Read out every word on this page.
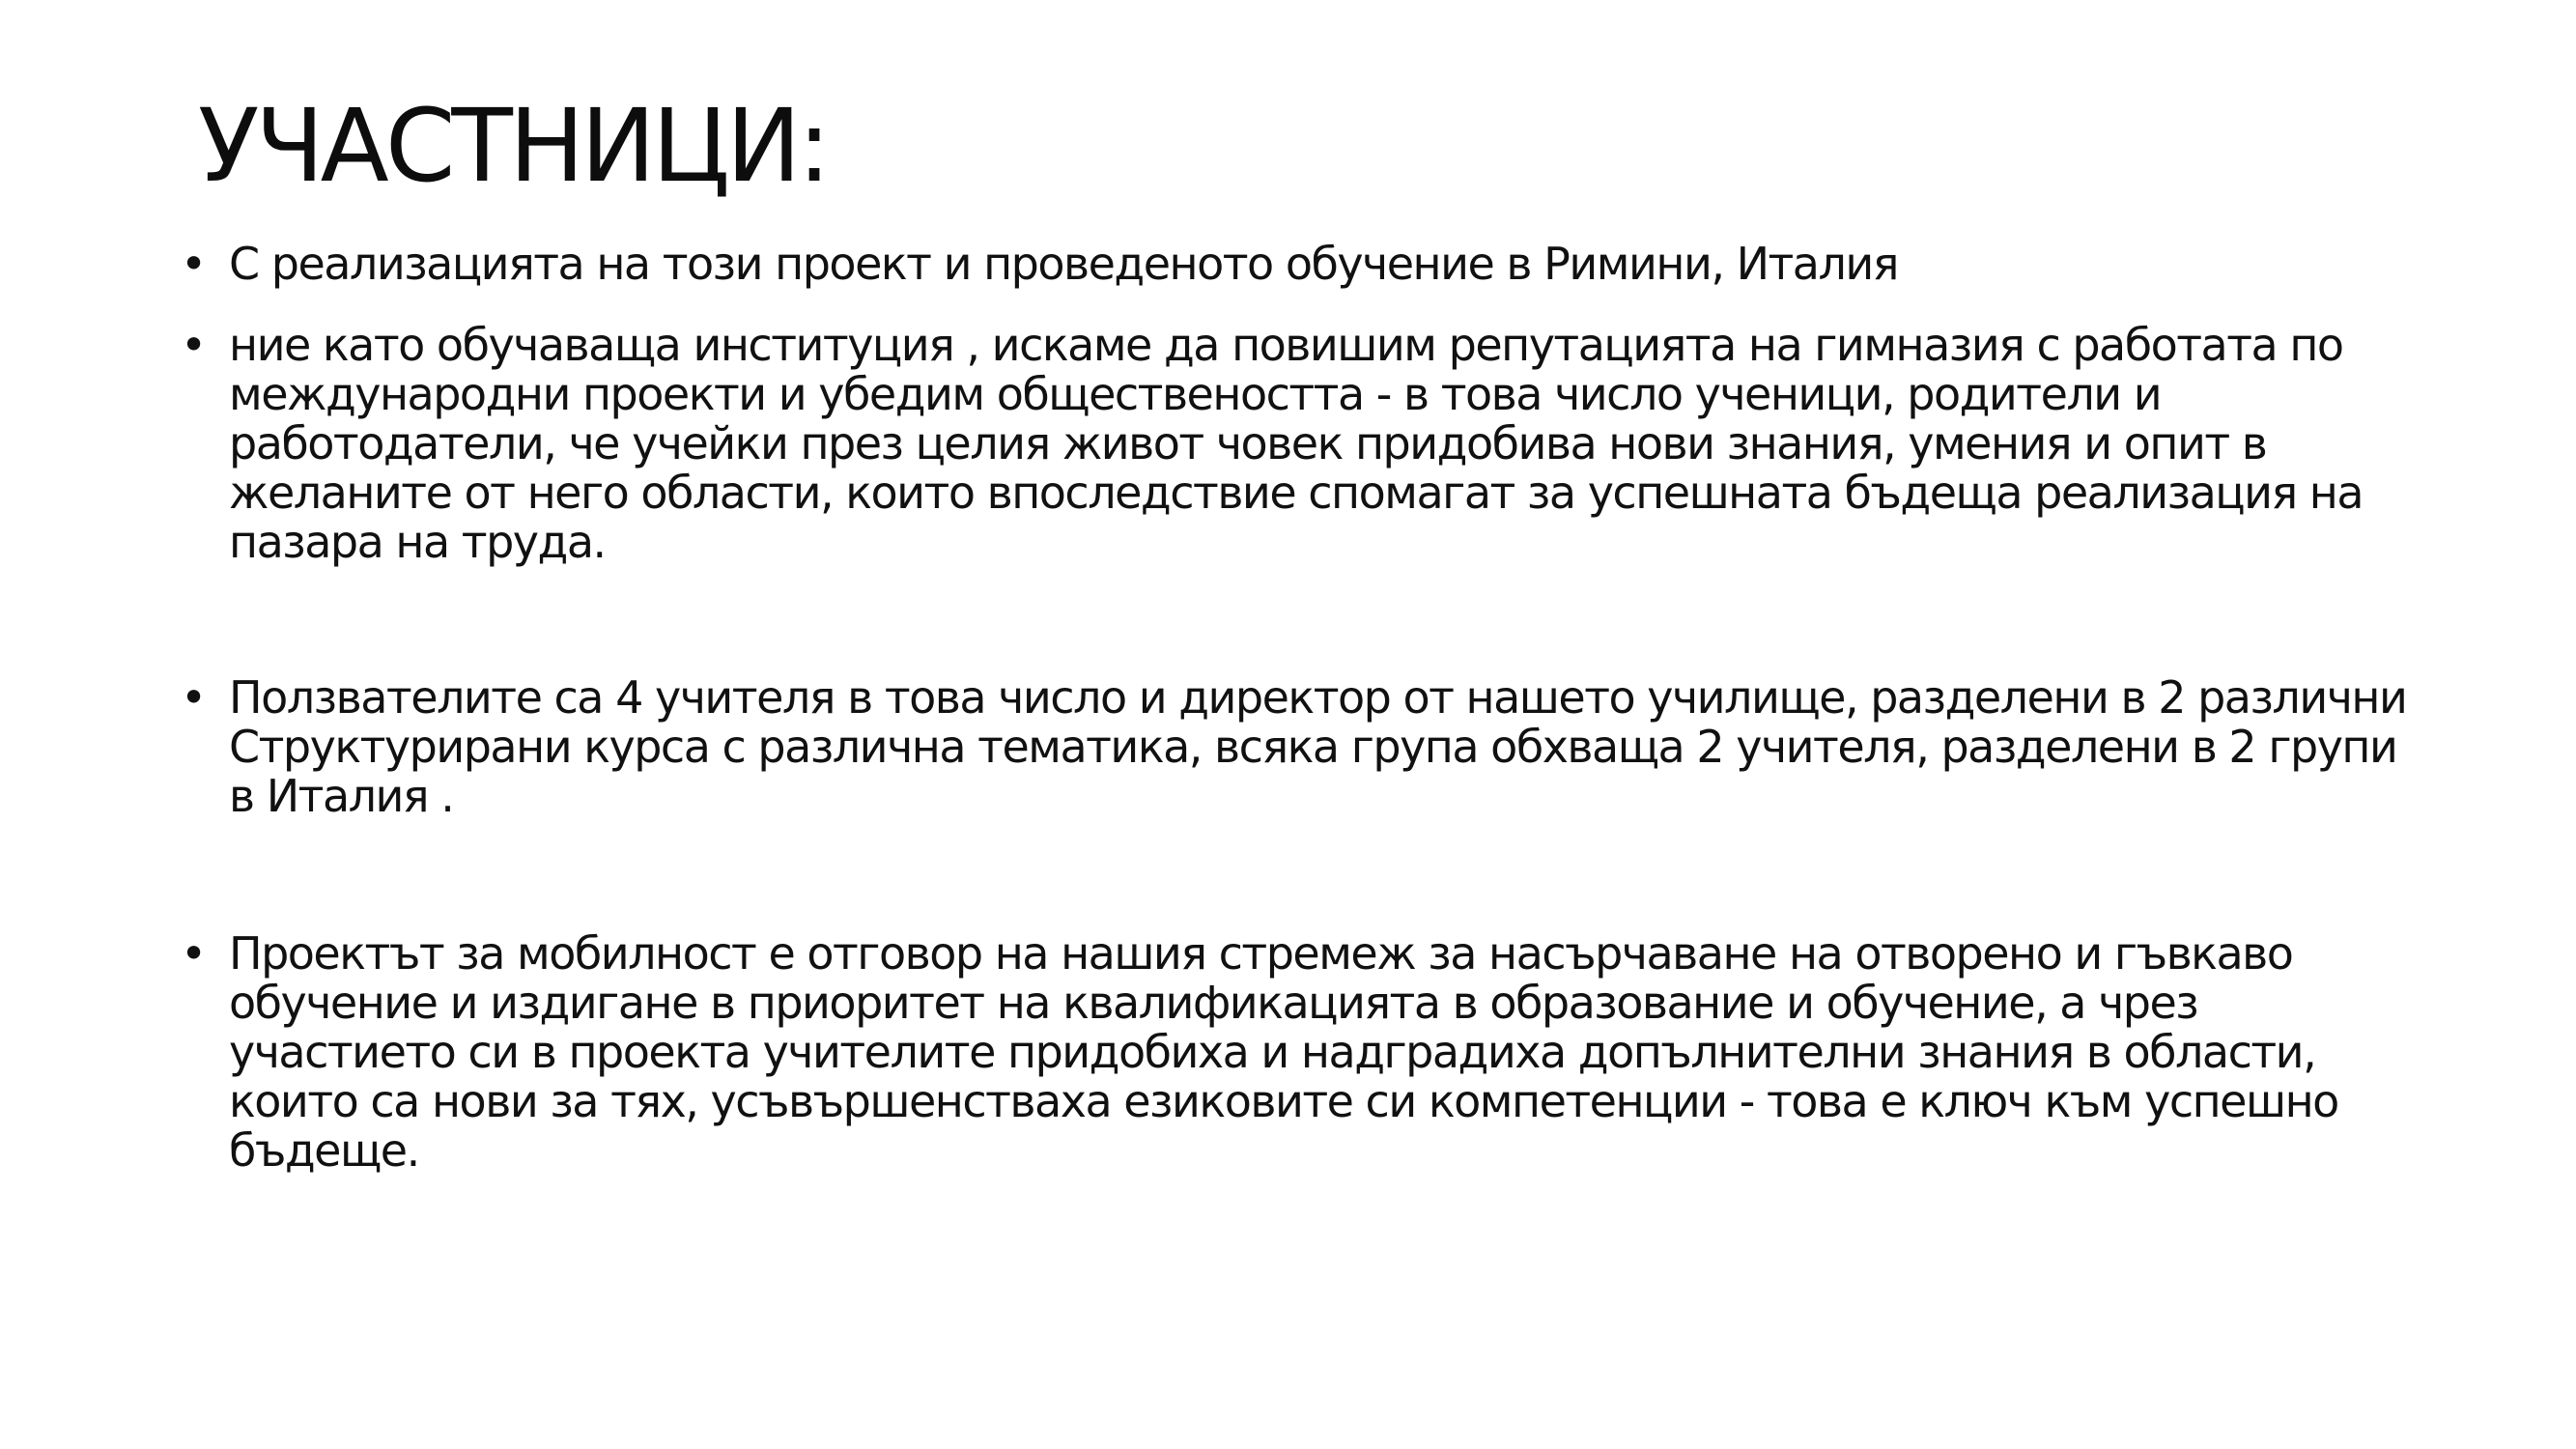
УЧАСТНИЦИ:
• С реализацията на този проект и проведеното обучение в Римини, Италия
• ние като обучаваща институция , искаме да повишим репутацията на гимназия с работата по международни проекти и убедим обществеността - в това число ученици, родители и работодатели, че учейки през целия живот човек придобива нови знания, умения и опит в желаните от него области, които впоследствие спомагат за успешната бъдеща реализация на пазара на труда.
• Ползвателите са 4 учителя в това число и директор от нашето училище, разделени в 2 различни Структурирани курса с различна тематика, всяка група обхваща 2 учителя, разделени в 2 групи в Италия .
• Проектът за мобилност е отговор на нашия стремеж за насърчаване на отворено и гъвкаво обучение и издигане в приоритет на квалификацията в образование и обучение, а чрез участието си в проекта учителите придобиха и надградиха допълнителни знания в области, които са нови за тях, усъвършенстваха езиковите си компетенции - това е ключ към успешно бъдеще.
